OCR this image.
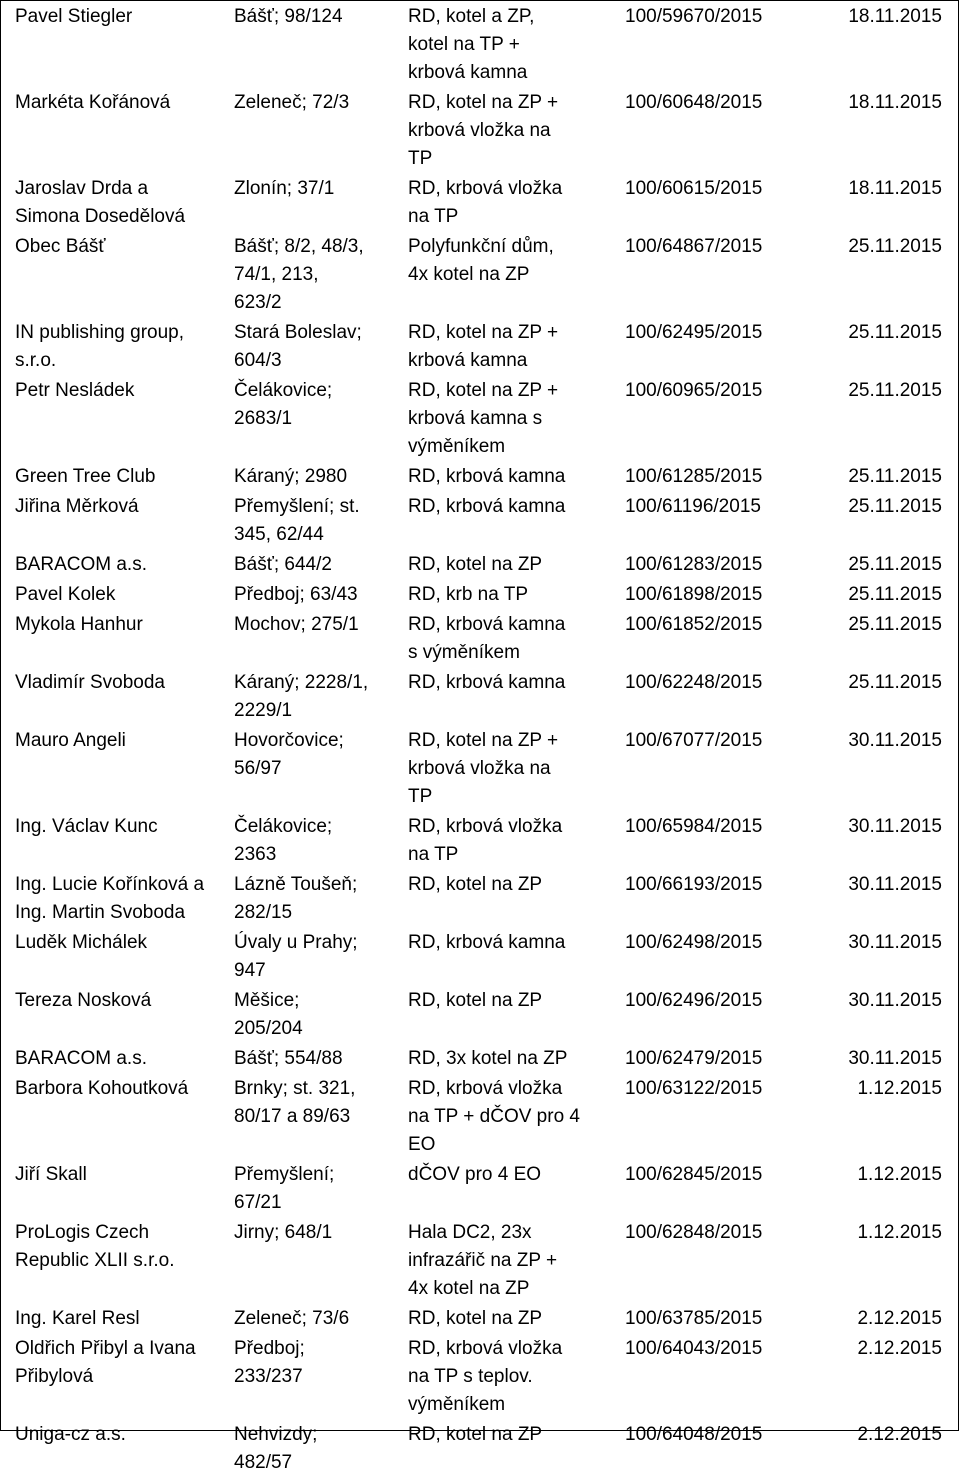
Pavel Stiegler	Bášť; 98/124	RD, kotel a ZP,
kotel na TP +
krbová kamna	100/59670/2015	18.11.2015

Markéta Kořánová	Zeleneč; 72/3	RD, kotel na ZP +
krbová vložka na
TP	100/60648/2015	18.11.2015

Jaroslav Drda a
Simona Dosedělová	Zlonín; 37/1	RD, krbová vložka
na TP	100/60615/2015	18.11.2015

Obec Bášť	Bášť; 8/2, 48/3,
74/1, 213,
623/2	Polyfunkční dům,
4x kotel na ZP	100/64867/2015	25.11.2015

IN publishing group,
s.r.o.	Stará Boleslav;
604/3	RD, kotel na ZP +
krbová kamna	100/62495/2015	25.11.2015

Petr Nesládek	Čelákovice;
2683/1	RD, kotel na ZP +
krbová kamna s
výměníkem	100/60965/2015	25.11.2015

Green Tree Club	Káraný; 2980	RD, krbová kamna	100/61285/2015	25.11.2015

Jiřina Měrková	Přemyšlení; st.
345, 62/44	RD, krbová kamna	100/61196/2015	25.11.2015

BARACOM a.s.	Bášť; 644/2	RD, kotel na ZP	100/61283/2015	25.11.2015

Pavel Kolek	Předboj; 63/43	RD, krb na TP	100/61898/2015	25.11.2015

Mykola Hanhur	Mochov; 275/1	RD, krbová kamna
s výměníkem	100/61852/2015	25.11.2015

Vladimír Svoboda	Káraný; 2228/1,
2229/1	RD, krbová kamna	100/62248/2015	25.11.2015

Mauro Angeli	Hovorčovice;
56/97	RD, kotel na ZP +
krbová vložka na
TP	100/67077/2015	30.11.2015

Ing. Václav Kunc	Čelákovice;
2363	RD, krbová vložka
na TP	100/65984/2015	30.11.2015

Ing. Lucie Kořínková a
Ing. Martin Svoboda	Lázně Toušeň;
282/15	RD, kotel na ZP	100/66193/2015	30.11.2015

Luděk Michálek	Úvaly u Prahy;
947	RD, krbová kamna	100/62498/2015	30.11.2015

Tereza Nosková	Měšice;
205/204	RD, kotel na ZP	100/62496/2015	30.11.2015

BARACOM a.s.	Bášť; 554/88	RD, 3x kotel na ZP	100/62479/2015	30.11.2015

Barbora Kohoutková	Brnky; st. 321,
80/17 a 89/63	RD, krbová vložka
na TP + dČOV pro 4
EO	100/63122/2015	1.12.2015

Jiří Skall	Přemyšlení;
67/21	dČOV pro 4 EO	100/62845/2015	1.12.2015

ProLogis Czech
Republic XLII s.r.o.	Jirny; 648/1	Hala DC2, 23x
infrazářič na ZP +
4x kotel na ZP	100/62848/2015	1.12.2015

Ing. Karel Resl	Zeleneč; 73/6	RD, kotel na ZP	100/63785/2015	2.12.2015

Oldřich Přibyl a Ivana
Přibylová	Předboj;
233/237	RD, krbová vložka
na TP s teplov.
výměníkem	100/64043/2015	2.12.2015

Uniga-cz a.s.	Nehvizdy;
482/57	RD, kotel na ZP	100/64048/2015	2.12.2015
